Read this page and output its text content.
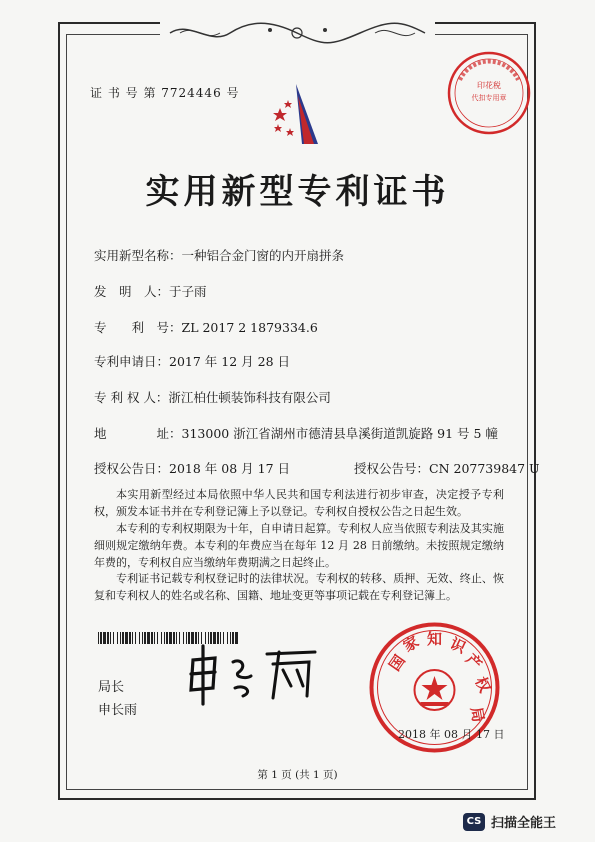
证 书 号 第 7724446 号
印花税
代扣专用章
实用新型专利证书
实用新型名称：一种铝合金门窗的内开扇拼条
发　明　人：于子雨
专　　利　号：ZL 2017 2 1879334.6
专利申请日：2017 年 12 月 28 日
专 利 权 人：浙江柏仕顿装饰科技有限公司
地　　　　址：313000 浙江省湖州市德清县阜溪街道凯旋路 91 号 5 幢
授权公告日：2018 年 08 月 17 日	授权公告号：CN 207739847 U
本实用新型经过本局依照中华人民共和国专利法进行初步审查，决定授予专利权，颁发本证书并在专利登记簿上予以登记。专利权自授权公告之日起生效。
本专利的专利权期限为十年，自申请日起算。专利权人应当依照专利法及其实施细则规定缴纳年费。本专利的年费应当在每年 12 月 28 日前缴纳。未按照规定缴纳年费的，专利权自应当缴纳年费期满之日起终止。
专利证书记载专利权登记时的法律状况。专利权的转移、质押、无效、终止、恢复和专利权人的姓名或名称、国籍、地址变更等事项记载在专利登记簿上。
局长
申长雨
国
家 知 识
产
权
局
2018 年 08 月 17 日
第 1 页 (共 1 页)
CS 扫描全能王
